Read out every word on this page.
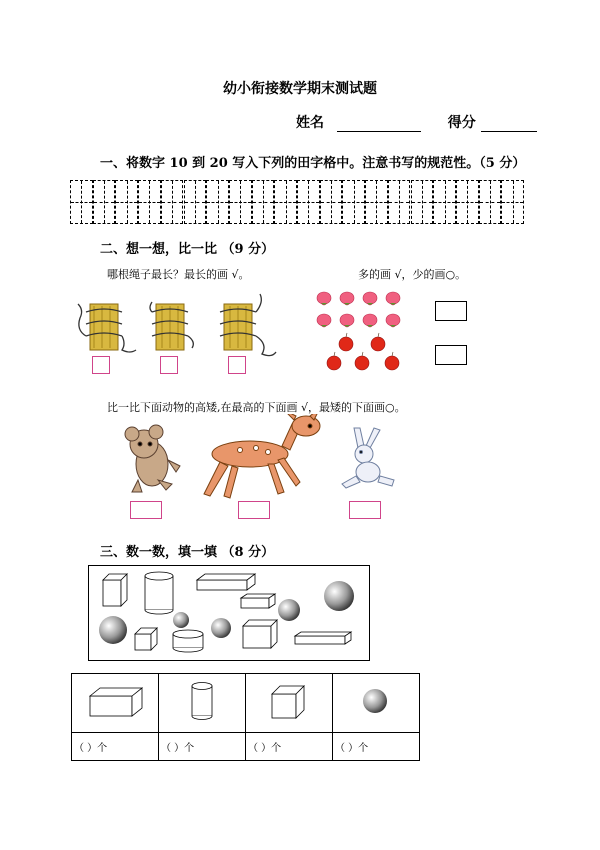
幼小衔接数学期末测试题
姓名	得分
一、将数字 10 到 20 写入下列的田字格中。注意书写的规范性。（5 分）
二、想一想，比一比 （9 分）
哪根绳子最长？最长的画 √。	多的画 √，少的画○。
比一比下面动物的高矮,在最高的下面画 √，最矮的下面画○。
三、数一数，填一填 （8 分）

（ ）个	（ ）个	（ ）个	（ ）个
